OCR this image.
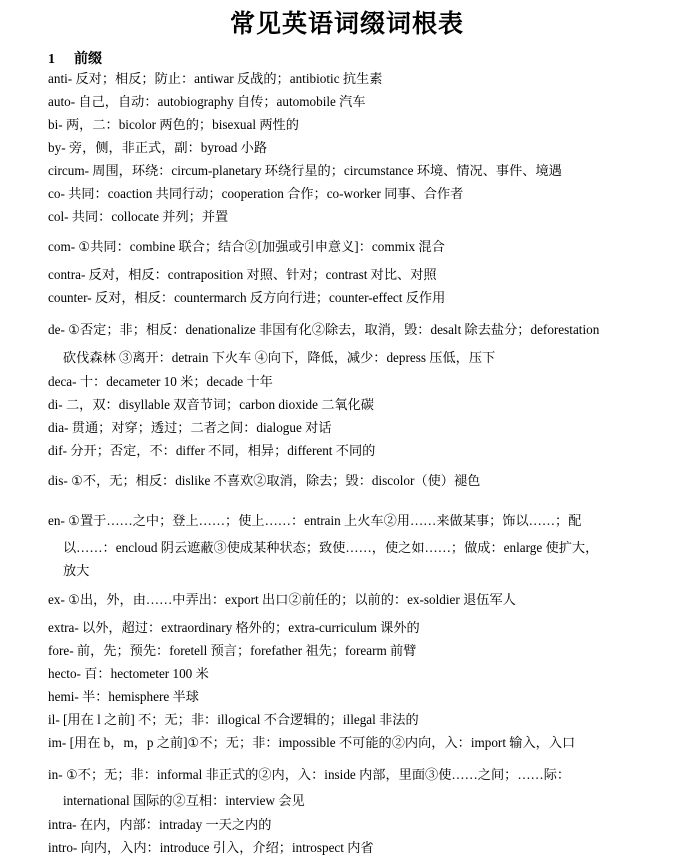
常见英语词缀词根表
1 前缀
anti- 反对；相反；防止：antiwar 反战的；antibiotic 抗生素
auto- 自己，自动：autobiography 自传；automobile 汽车
bi- 两，二：bicolor 两色的；bisexual 两性的
by- 旁，侧，非正式，副：byroad 小路
circum- 周围，环绕：circum-planetary 环绕行星的；circumstance 环境、情况、事件、境遇
co- 共同：coaction 共同行动；cooperation 合作；co-worker 同事、合作者
col- 共同：collocate 并列；并置
com- ①共同：combine 联合；结合②[加强或引申意义]：commix 混合
contra- 反对，相反：contraposition 对照、针对；contrast 对比、对照
counter- 反对，相反：countermarch 反方向行进；counter-effect 反作用
de- ①否定；非；相反：denationalize 非国有化②除去，取消，毁：desalt 除去盐分；deforestation
砍伐森林 ③离开：detrain 下火车 ④向下，降低，减少：depress 压低，压下
deca- 十：decameter 10 米；decade 十年
di- 二，双：disyllable 双音节词；carbon dioxide 二氧化碳
dia- 贯通；对穿；透过；二者之间：dialogue 对话
dif- 分开；否定，不：differ 不同，相异；different 不同的
dis- ①不，无；相反：dislike 不喜欢②取消，除去；毁：discolor（使）褪色
en- ①置于……之中；登上……；使上……：entrain 上火车②用……来做某事；饰以……；配
以……：encloud 阴云遮蔽③使成某种状态；致使……，使之如……；做成：enlarge 使扩大，
放大
ex- ①出，外，由……中弄出：export 出口②前任的；以前的：ex-soldier 退伍军人
extra- 以外，超过：extraordinary 格外的；extra-curriculum 课外的
fore- 前，先；预先：foretell 预言；forefather 祖先；forearm 前臂
hecto- 百：hectometer 100 米
hemi- 半：hemisphere 半球
il- [用在 l 之前] 不；无；非：illogical 不合逻辑的；illegal 非法的
im- [用在 b，m，p 之前]①不；无；非：impossible 不可能的②内向，入：import 输入，入口
in- ①不；无；非：informal 非正式的②内，入：inside 内部，里面③使……之间；……际：
international 国际的②互相：interview 会见
intra- 在内，内部：intraday 一天之内的
intro- 向内，入内：introduce 引入，介绍；introspect 内省
